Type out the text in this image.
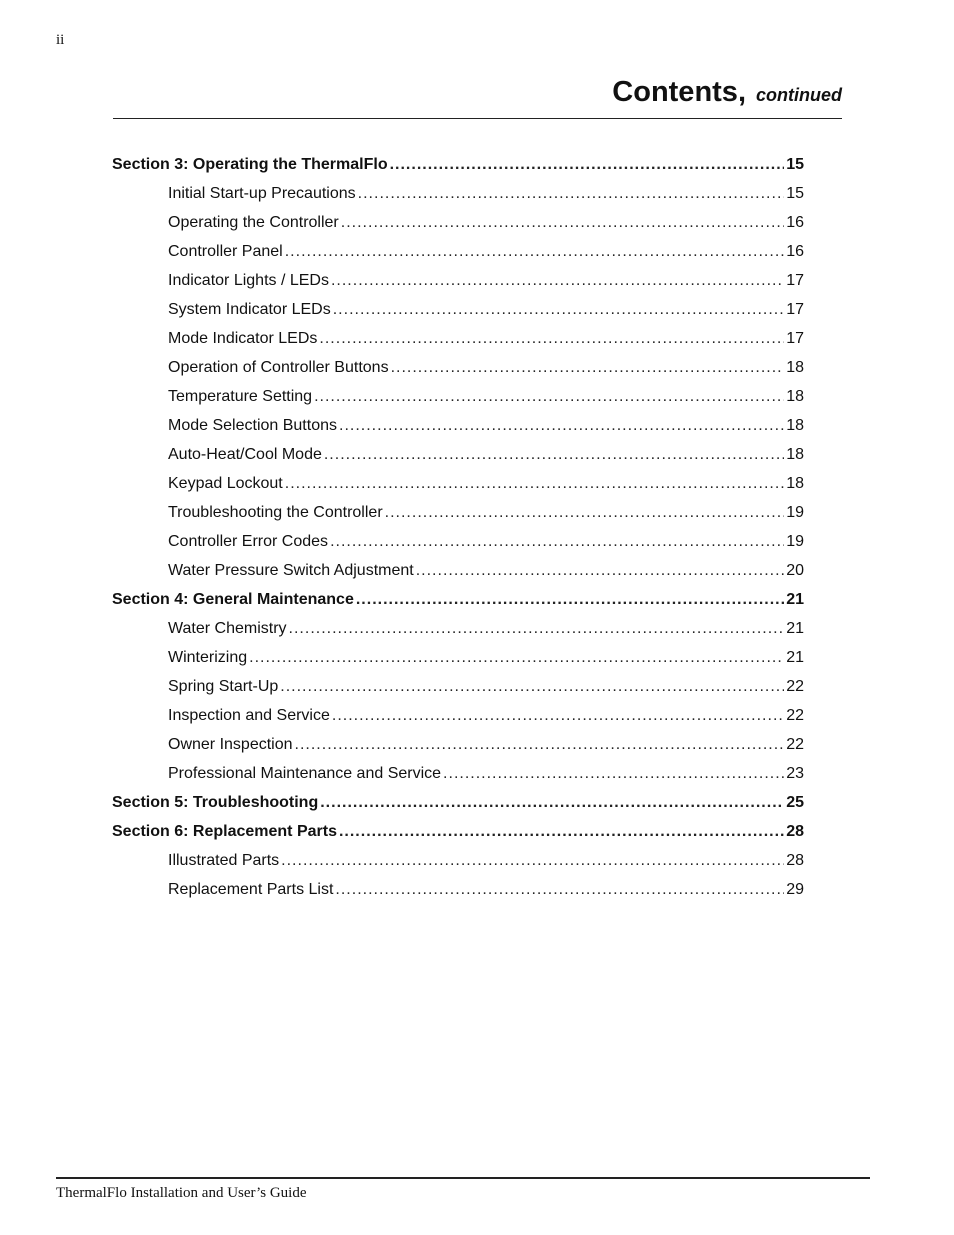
ii
Contents, continued
Section 3: Operating the ThermalFlo .....	15
Initial Start-up Precautions .....	15
Operating the Controller .....	16
Controller Panel .....	16
Indicator Lights / LEDs .....	17
System Indicator LEDs .....	17
Mode Indicator LEDs .....	17
Operation of Controller Buttons .....	18
Temperature Setting .....	18
Mode Selection Buttons .....	18
Auto-Heat/Cool Mode .....	18
Keypad Lockout .....	18
Troubleshooting the Controller .....	19
Controller Error Codes .....	19
Water Pressure Switch Adjustment .....	20
Section 4: General Maintenance .....	21
Water Chemistry .....	21
Winterizing .....	21
Spring Start-Up .....	22
Inspection and Service .....	22
Owner Inspection .....	22
Professional Maintenance and Service .....	23
Section 5: Troubleshooting .....	25
Section 6: Replacement Parts .....	28
Illustrated Parts .....	28
Replacement Parts List .....	29
ThermalFlo Installation and User’s Guide
